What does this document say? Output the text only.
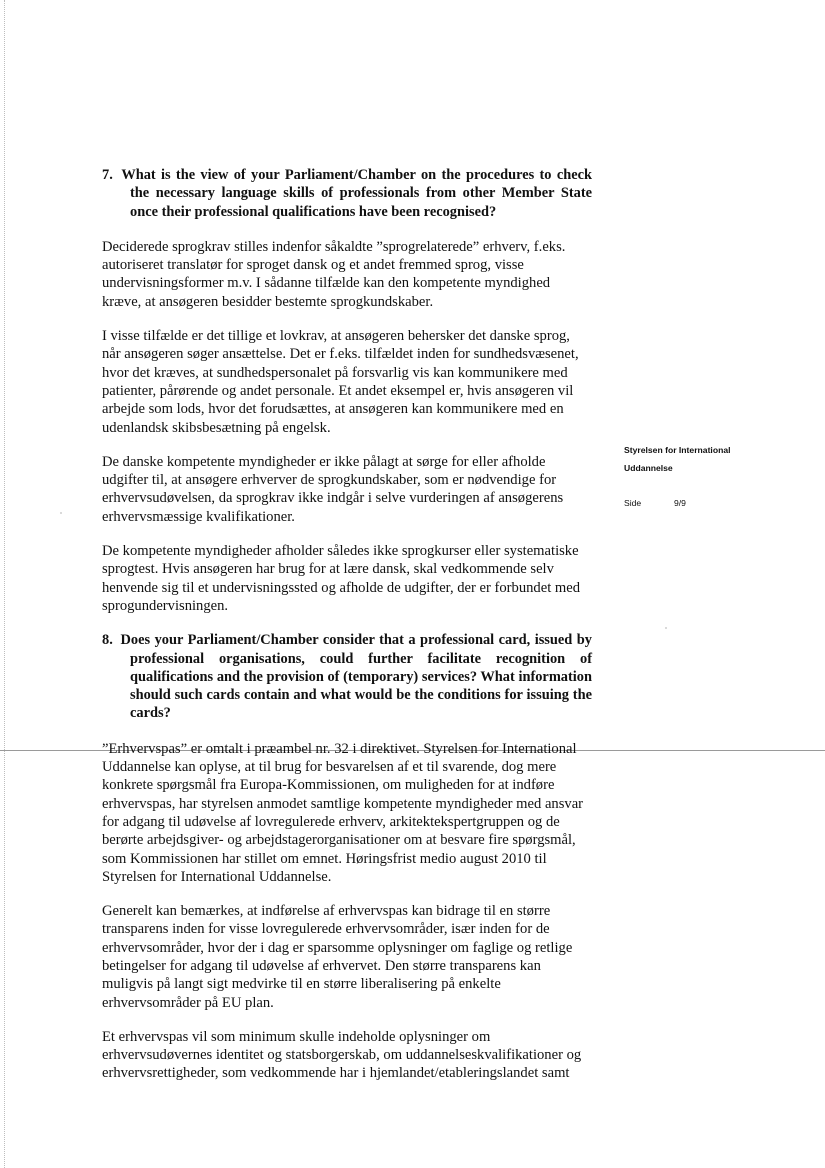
7. What is the view of your Parliament/Chamber on the procedures to check the necessary language skills of professionals from other Member State once their professional qualifications have been recognised?

Deciderede sprogkrav stilles indenfor såkaldte ”sprogrelaterede” erhverv, f.eks. autoriseret translatør for sproget dansk og et andet fremmed sprog, visse undervisningsformer m.v. I sådanne tilfælde kan den kompetente myndighed kræve, at ansøgeren besidder bestemte sprogkundskaber.

I visse tilfælde er det tillige et lovkrav, at ansøgeren behersker det danske sprog, når ansøgeren søger ansættelse. Det er f.eks. tilfældet inden for sundhedsvæsenet, hvor det kræves, at sundhedspersonalet på forsvarlig vis kan kommunikere med patienter, pårørende og andet personale. Et andet eksempel er, hvis ansøgeren vil arbejde som lods, hvor det forudsættes, at ansøgeren kan kommunikere med en udenlandsk skibsbesætning på engelsk.

De danske kompetente myndigheder er ikke pålagt at sørge for eller afholde udgifter til, at ansøgere erhverver de sprogkundskaber, som er nødvendige for erhvervsudøvelsen, da sprogkrav ikke indgår i selve vurderingen af ansøgerens erhvervsmæssige kvalifikationer.

De kompetente myndigheder afholder således ikke sprogkurser eller systematiske sprogtest. Hvis ansøgeren har brug for at lære dansk, skal vedkommende selv henvende sig til et undervisningssted og afholde de udgifter, der er forbundet med sprogundervisningen.

8. Does your Parliament/Chamber consider that a professional card, issued by professional organisations, could further facilitate recognition of qualifications and the provision of (temporary) services? What information should such cards contain and what would be the conditions for issuing the cards?

”Erhvervspas” er omtalt i præambel nr. 32 i direktivet. Styrelsen for International Uddannelse kan oplyse, at til brug for besvarelsen af et til svarende, dog mere konkrete spørgsmål fra Europa-Kommissionen, om muligheden for at indføre erhvervspas, har styrelsen anmodet samtlige kompetente myndigheder med ansvar for adgang til udøvelse af lovregulerede erhverv, arkitektekspertgruppen og de berørte arbejdsgiver- og arbejdstagerorganisationer om at besvare fire spørgsmål, som Kommissionen har stillet om emnet. Høringsfrist medio august 2010 til Styrelsen for International Uddannelse.

Generelt kan bemærkes, at indførelse af erhvervspas kan bidrage til en større transparens inden for visse lovregulerede erhvervsområder, især inden for de erhvervsområder, hvor der i dag er sparsomme oplysninger om faglige og retlige betingelser for adgang til udøvelse af erhvervet. Den større transparens kan muligvis på langt sigt medvirke til en større liberalisering på enkelte erhvervsområder på EU plan.

Et erhvervspas vil som minimum skulle indeholde oplysninger om erhvervsudøvernes identitet og statsborgerskab, om uddannelseskvalifikationer og erhvervsrettigheder, som vedkommende har i hjemlandet/etableringslandet samt

Styrelsen for International
Uddannelse
Side	9/9
